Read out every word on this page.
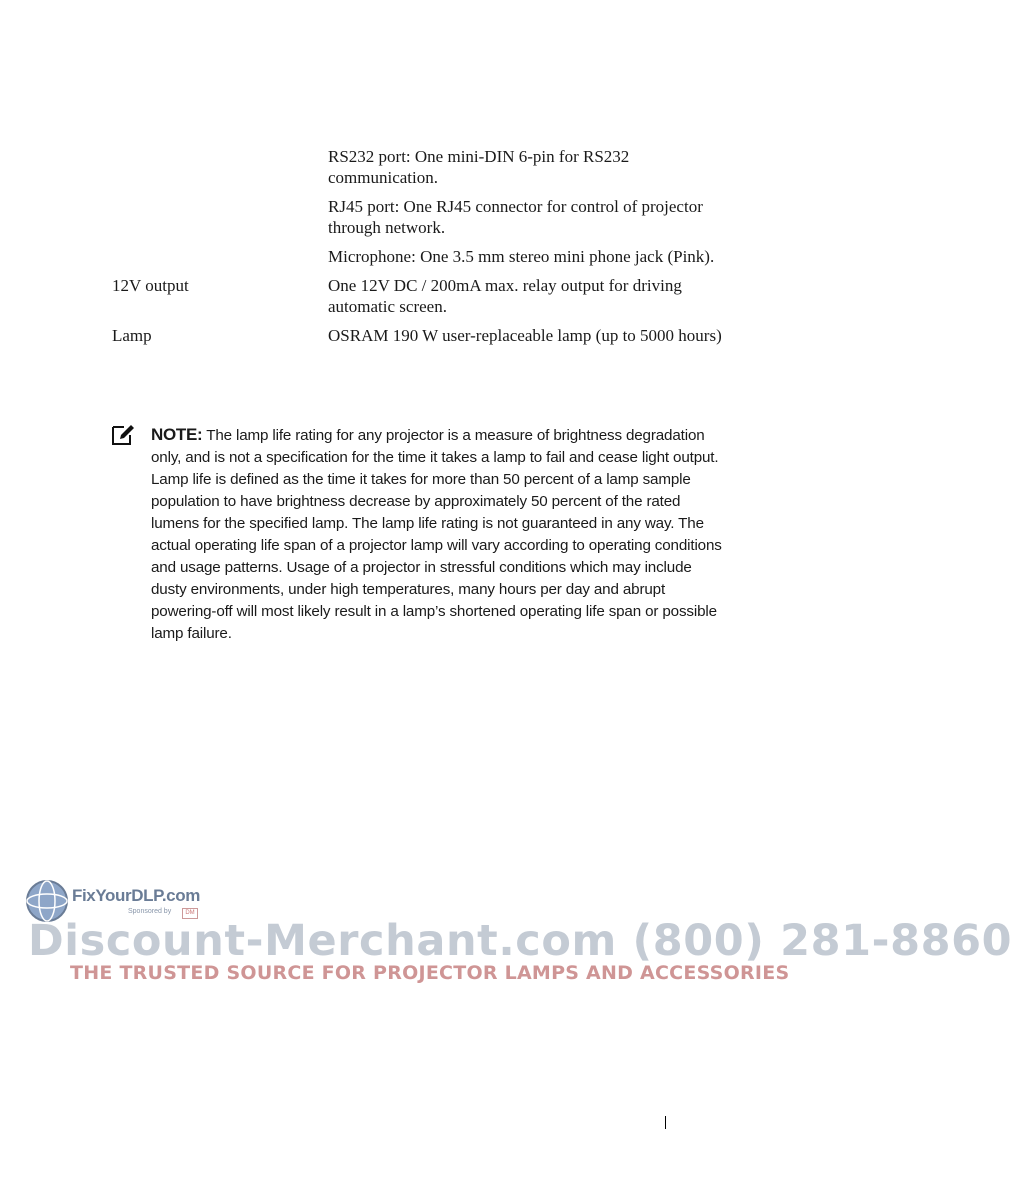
RS232 port: One mini-DIN 6-pin for RS232 communication.
RJ45 port: One RJ45 connector for control of projector through network.
Microphone: One 3.5 mm stereo mini phone jack (Pink).
12V output	One 12V DC / 200mA max. relay output for driving automatic screen.
Lamp	OSRAM 190 W user-replaceable lamp (up to 5000 hours)
NOTE: The lamp life rating for any projector is a measure of brightness degradation only, and is not a specification for the time it takes a lamp to fail and cease light output. Lamp life is defined as the time it takes for more than 50 percent of a lamp sample population to have brightness decrease by approximately 50 percent of the rated lumens for the specified lamp. The lamp life rating is not guaranteed in any way. The actual operating life span of a projector lamp will vary according to operating conditions and usage patterns. Usage of a projector in stressful conditions which may include dusty environments, under high temperatures, many hours per day and abrupt powering-off will most likely result in a lamp’s shortened operating life span or possible lamp failure.
FixYourDLP.com
Sponsored by	DM
Discount-Merchant.com (800) 281-8860
THE TRUSTED SOURCE FOR PROJECTOR LAMPS AND ACCESSORIES
